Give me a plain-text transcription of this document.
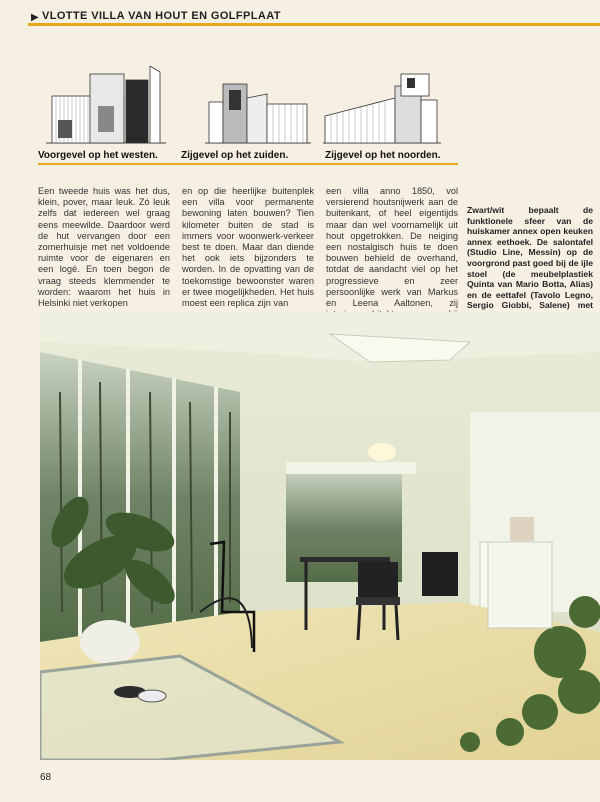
▶ VLOTTE VILLA VAN HOUT EN GOLFPLAAT
Voorgevel op het westen. Zijgevel op het zuiden.	Zijgevel op het noorden.

Een tweede huis was het dus, klein, pover, maar leuk. Zó leuk zelfs dat iedereen wel graag eens meewilde. Daardoor werd de hut vervangen door een zomerhuisje met net voldoende ruimte voor de eigenaren en een logé. En toen begon de vraag steeds klemmender te worden: waarom het huis in Helsinki niet verkopen

en op die heerlijke buitenplek een villa voor permanente bewoning laten bouwen? Tien kilometer buiten de stad is immers voor woonwerk-verkeer best te doen. Maar dan diende het ook iets bijzonders te worden. In de opvatting van de toekomstige bewoonster waren er twee mogelijkheden. Het huis moest een replica zijn van

een villa anno 1850, vol versierend houtsnijwerk aan de buitenkant, of heel eigentijds maar dan wel voornamelijk uit hout opgetrokken. De neiging een nostalgisch huis te doen bouwen behield de overhand, totdat de aandacht viel op het progressieve en zeer persoonlijke werk van Markus en Leena Aaltonen, zij

Zwart/wit bepaalt de funktionele sfeer van de huiskamer annex open keuken annex eethoek. De salontafel (Studio Line, Messin) op de voorgrond past goed bij de ijle stoel (de meubelplastiek Quinta van Mario Botta, Alias) en de eettafel (Tavolo Legno, Sergio Giobbi, Salene) met
68
